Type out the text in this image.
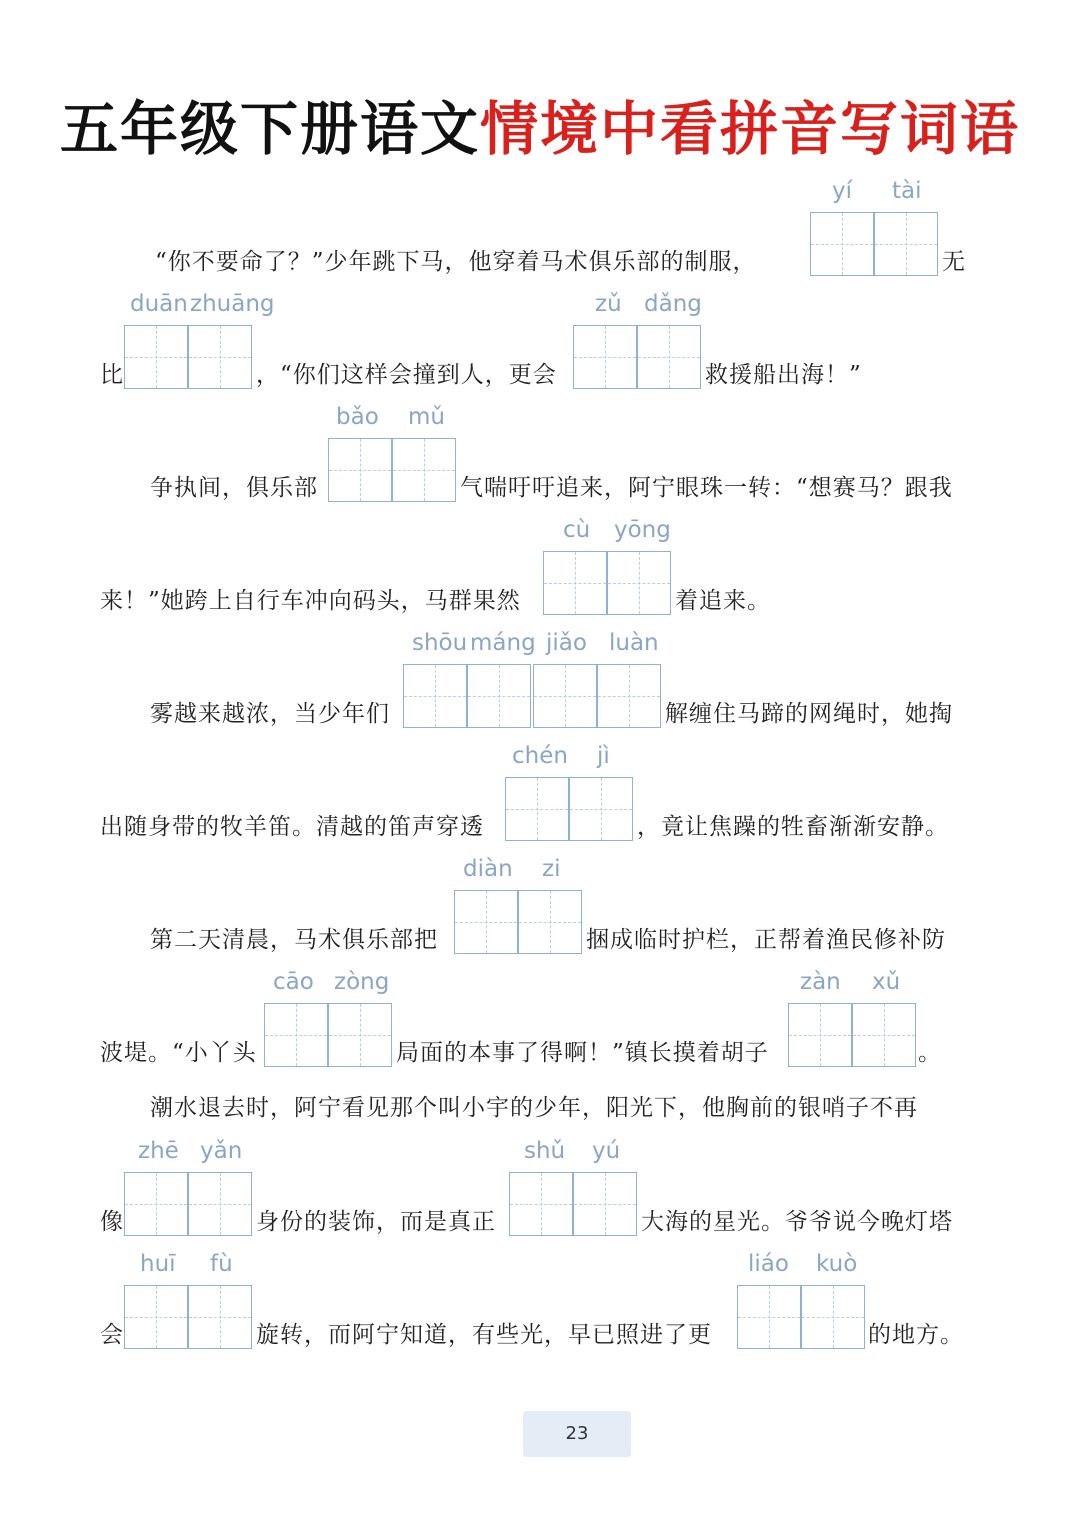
五年级下册语文情境中看拼音写词语
“你不要命了？”少年跳下马，他穿着马术俱乐部的制服，
yí tài
无
比
duān zhuāng
，“你们这样会撞到人，更会
zǔ dǎng
救援船出海！”
争执间，俱乐部
bǎo mǔ
气喘吁吁追来，阿宁眼珠一转：“想赛马？跟我
来！”她跨上自行车冲向码头，马群果然
cù yōng
着追来。
雾越来越浓，当少年们
shōu máng jiǎo luàn
解缠住马蹄的网绳时，她掏
出随身带的牧羊笛。清越的笛声穿透
chén jì
，竟让焦躁的牲畜渐渐安静。
第二天清晨，马术俱乐部把
diàn zi
捆成临时护栏，正帮着渔民修补防
波堤。“小丫头
cāo zòng
局面的本事了得啊！”镇长摸着胡子
zàn xǔ
。
潮水退去时，阿宁看见那个叫小宇的少年，阳光下，他胸前的银哨子不再
像
zhē yǎn
身份的装饰，而是真正
shǔ yú
大海的星光。爷爷说今晚灯塔
会
huī fù
旋转，而阿宁知道，有些光，早已照进了更
liáo kuò
的地方。
23
